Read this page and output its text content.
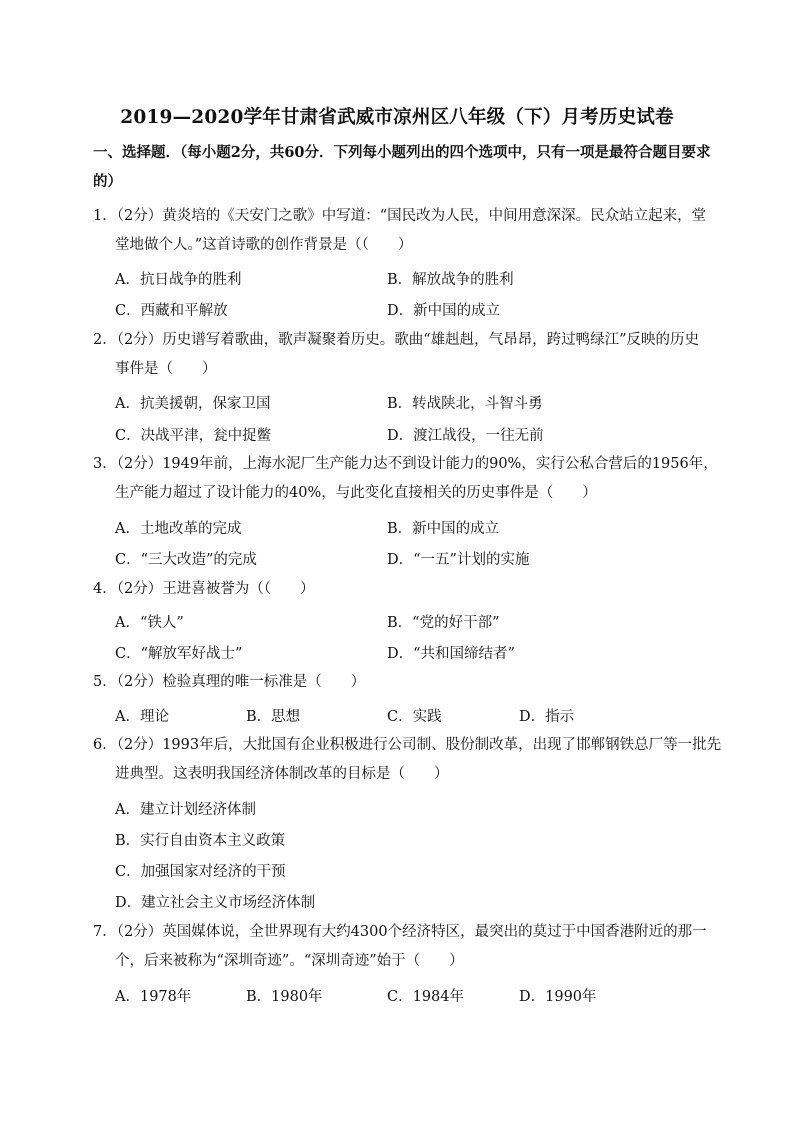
2019—2020学年甘肃省武威市凉州区八年级（下）月考历史试卷
一、选择题．（每小题2分，共60分．下列每小题列出的四个选项中，只有一项是最符合题目要求
的）
1．（2分）黄炎培的《天安门之歌》中写道：“国民改为人民，中间用意深深。民众站立起来，堂
堂地做个人。”这首诗歌的创作背景是（（　　）
A．抗日战争的胜利	B．解放战争的胜利
C．西藏和平解放	D．新中国的成立
2．（2分）历史谱写着歌曲，歌声凝聚着历史。歌曲“雄赳赳，气昂昂，跨过鸭绿江”反映的历史
事件是（　　）
A．抗美援朝，保家卫国	B．转战陕北，斗智斗勇
C．决战平津，瓮中捉鳖	D．渡江战役，一往无前
3．（2分）1949年前，上海水泥厂生产能力达不到设计能力的90%，实行公私合营后的1956年，
生产能力超过了设计能力的40%，与此变化直接相关的历史事件是（　　）
A．土地改革的完成	B．新中国的成立
C．“三大改造”的完成	D．“一五”计划的实施
4．（2分）王进喜被誉为（（　　）
A．“铁人”	B．“党的好干部”
C．“解放军好战士”	D．“共和国缔结者”
5．（2分）检验真理的唯一标准是（　　）
A．理论	B．思想	C．实践	D．指示
6．（2分）1993年后，大批国有企业积极进行公司制、股份制改革，出现了邯郸钢铁总厂等一批先
进典型。这表明我国经济体制改革的目标是（　　）
A．建立计划经济体制
B．实行自由资本主义政策
C．加强国家对经济的干预
D．建立社会主义市场经济体制
7．（2分）英国媒体说，全世界现有大约4300个经济特区，最突出的莫过于中国香港附近的那一
个，后来被称为“深圳奇迹”。“深圳奇迹”始于（　　）
A．1978年	B．1980年	C．1984年	D．1990年
